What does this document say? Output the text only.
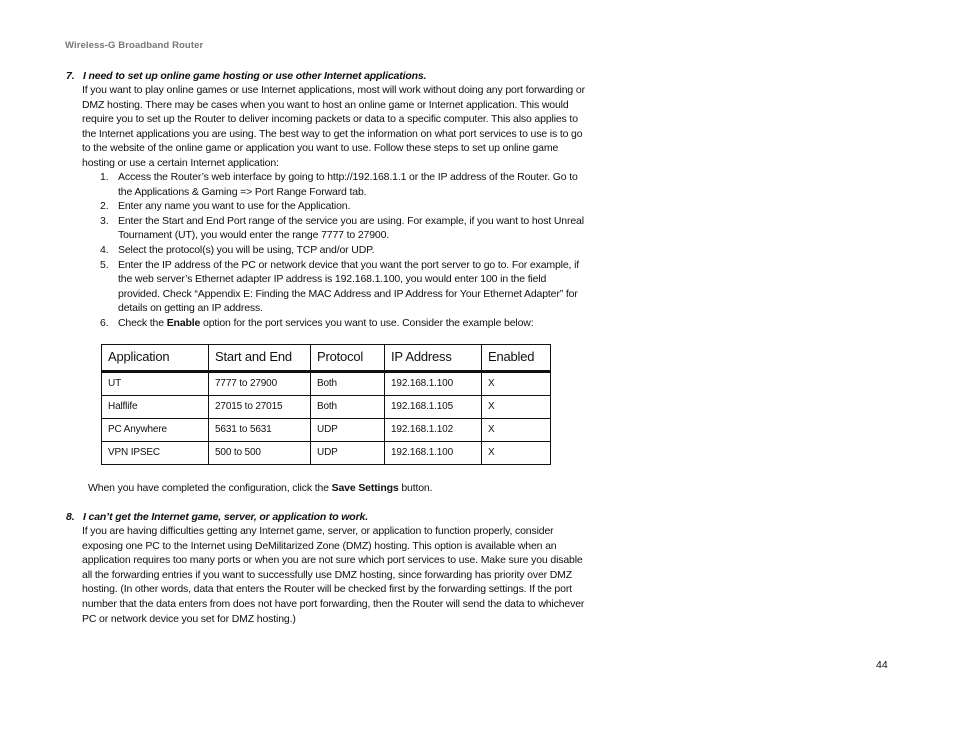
Wireless-G Broadband Router
7. I need to set up online game hosting or use other Internet applications.

If you want to play online games or use Internet applications, most will work without doing any port forwarding or DMZ hosting. There may be cases when you want to host an online game or Internet application. This would require you to set up the Router to deliver incoming packets or data to a specific computer. This also applies to the Internet applications you are using. The best way to get the information on what port services to use is to go to the website of the online game or application you want to use. Follow these steps to set up online game hosting or use a certain Internet application:

1. Access the Router’s web interface by going to http://192.168.1.1 or the IP address of the Router. Go to the Applications & Gaming => Port Range Forward tab.
2. Enter any name you want to use for the Application.
3. Enter the Start and End Port range of the service you are using. For example, if you want to host Unreal Tournament (UT), you would enter the range 7777 to 27900.
4. Select the protocol(s) you will be using, TCP and/or UDP.
5. Enter the IP address of the PC or network device that you want the port server to go to. For example, if the web server’s Ethernet adapter IP address is 192.168.1.100, you would enter 100 in the field provided. Check “Appendix E: Finding the MAC Address and IP Address for Your Ethernet Adapter” for details on getting an IP address.
6. Check the Enable option for the port services you want to use. Consider the example below:
Application	Start and End	Protocol	IP Address	Enabled
UT	7777 to 27900	Both	192.168.1.100	X
Halflife	27015 to 27015	Both	192.168.1.105	X
PC Anywhere	5631 to 5631	UDP	192.168.1.102	X
VPN IPSEC	500 to 500	UDP	192.168.1.100	X
When you have completed the configuration, click the Save Settings button.
8. I can’t get the Internet game, server, or application to work.

If you are having difficulties getting any Internet game, server, or application to function properly, consider exposing one PC to the Internet using DeMilitarized Zone (DMZ) hosting. This option is available when an application requires too many ports or when you are not sure which port services to use. Make sure you disable all the forwarding entries if you want to successfully use DMZ hosting, since forwarding has priority over DMZ hosting. (In other words, data that enters the Router will be checked first by the forwarding settings. If the port number that the data enters from does not have port forwarding, then the Router will send the data to whichever PC or network device you set for DMZ hosting.)

44
